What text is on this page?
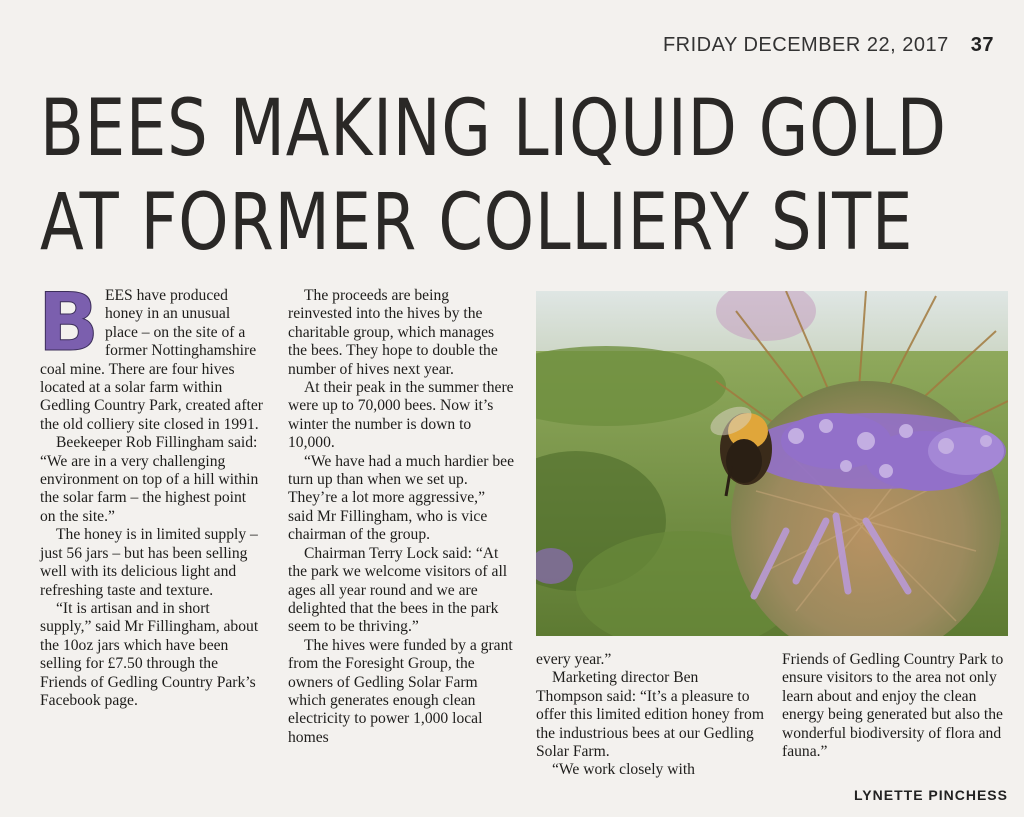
FRIDAY DECEMBER 22, 2017 37
BEES MAKING LIQUID GOLD
AT FORMER COLLIERY SITE

BEES have produced honey in an unusual place – on the site of a former Nottinghamshire coal mine. There are four hives located at a solar farm within Gedling Country Park, created after the old colliery site closed in 1991.

Beekeeper Rob Fillingham said: “We are in a very challenging environment on top of a hill within the solar farm – the highest point on the site.”

The honey is in limited supply – just 56 jars – but has been selling well with its delicious light and refreshing taste and texture.

“It is artisan and in short supply,” said Mr Fillingham, about the 10oz jars which have been selling for £7.50 through the Friends of Gedling Country Park’s Facebook page.

The proceeds are being reinvested into the hives by the charitable group, which manages the bees. They hope to double the number of hives next year.

At their peak in the summer there were up to 70,000 bees. Now it’s winter the number is down to 10,000.

“We have had a much hardier bee turn up than when we set up. They’re a lot more aggressive,” said Mr Fillingham, who is vice chairman of the group.

Chairman Terry Lock said: “At the park we welcome visitors of all ages all year round and we are delighted that the bees in the park seem to be thriving.”

The hives were funded by a grant from the Foresight Group, the owners of Gedling Solar Farm which generates enough clean electricity to power 1,000 local homes

every year.”

Marketing director Ben Thompson said: “It’s a pleasure to offer this limited edition honey from the industrious bees at our Gedling Solar Farm.

“We work closely with

Friends of Gedling Country Park to ensure visitors to the area not only learn about and enjoy the clean energy being generated but also the wonderful biodiversity of flora and fauna.”

LYNETTE PINCHESS
